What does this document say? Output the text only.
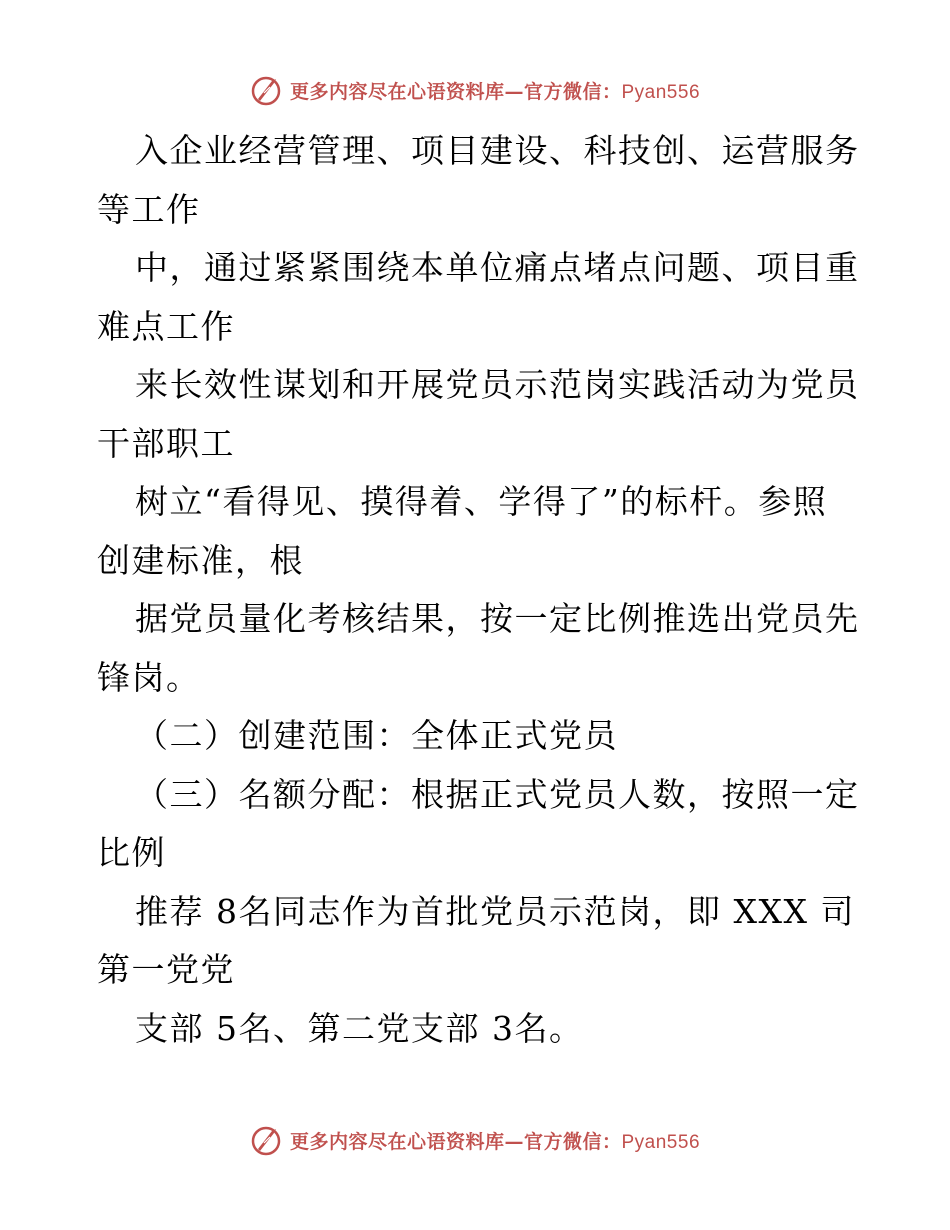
更多内容尽在心语资料库—官方微信：Pyan556
入企业经营管理、项目建设、科技创、运营服务
等工作
中，通过紧紧围绕本单位痛点堵点问题、项目重
难点工作
来长效性谋划和开展党员示范岗实践活动为党员
干部职工
树立“看得见、摸得着、学得了”的标杆。参照
创建标准，根
据党员量化考核结果，按一定比例推选出党员先
锋岗。
（二）创建范围：全体正式党员
（三）名额分配：根据正式党员人数，按照一定
比例
推荐 8名同志作为首批党员示范岗，即 XXX 司
第一党党
支部 5名、第二党支部 3名。
更多内容尽在心语资料库—官方微信：Pyan556
